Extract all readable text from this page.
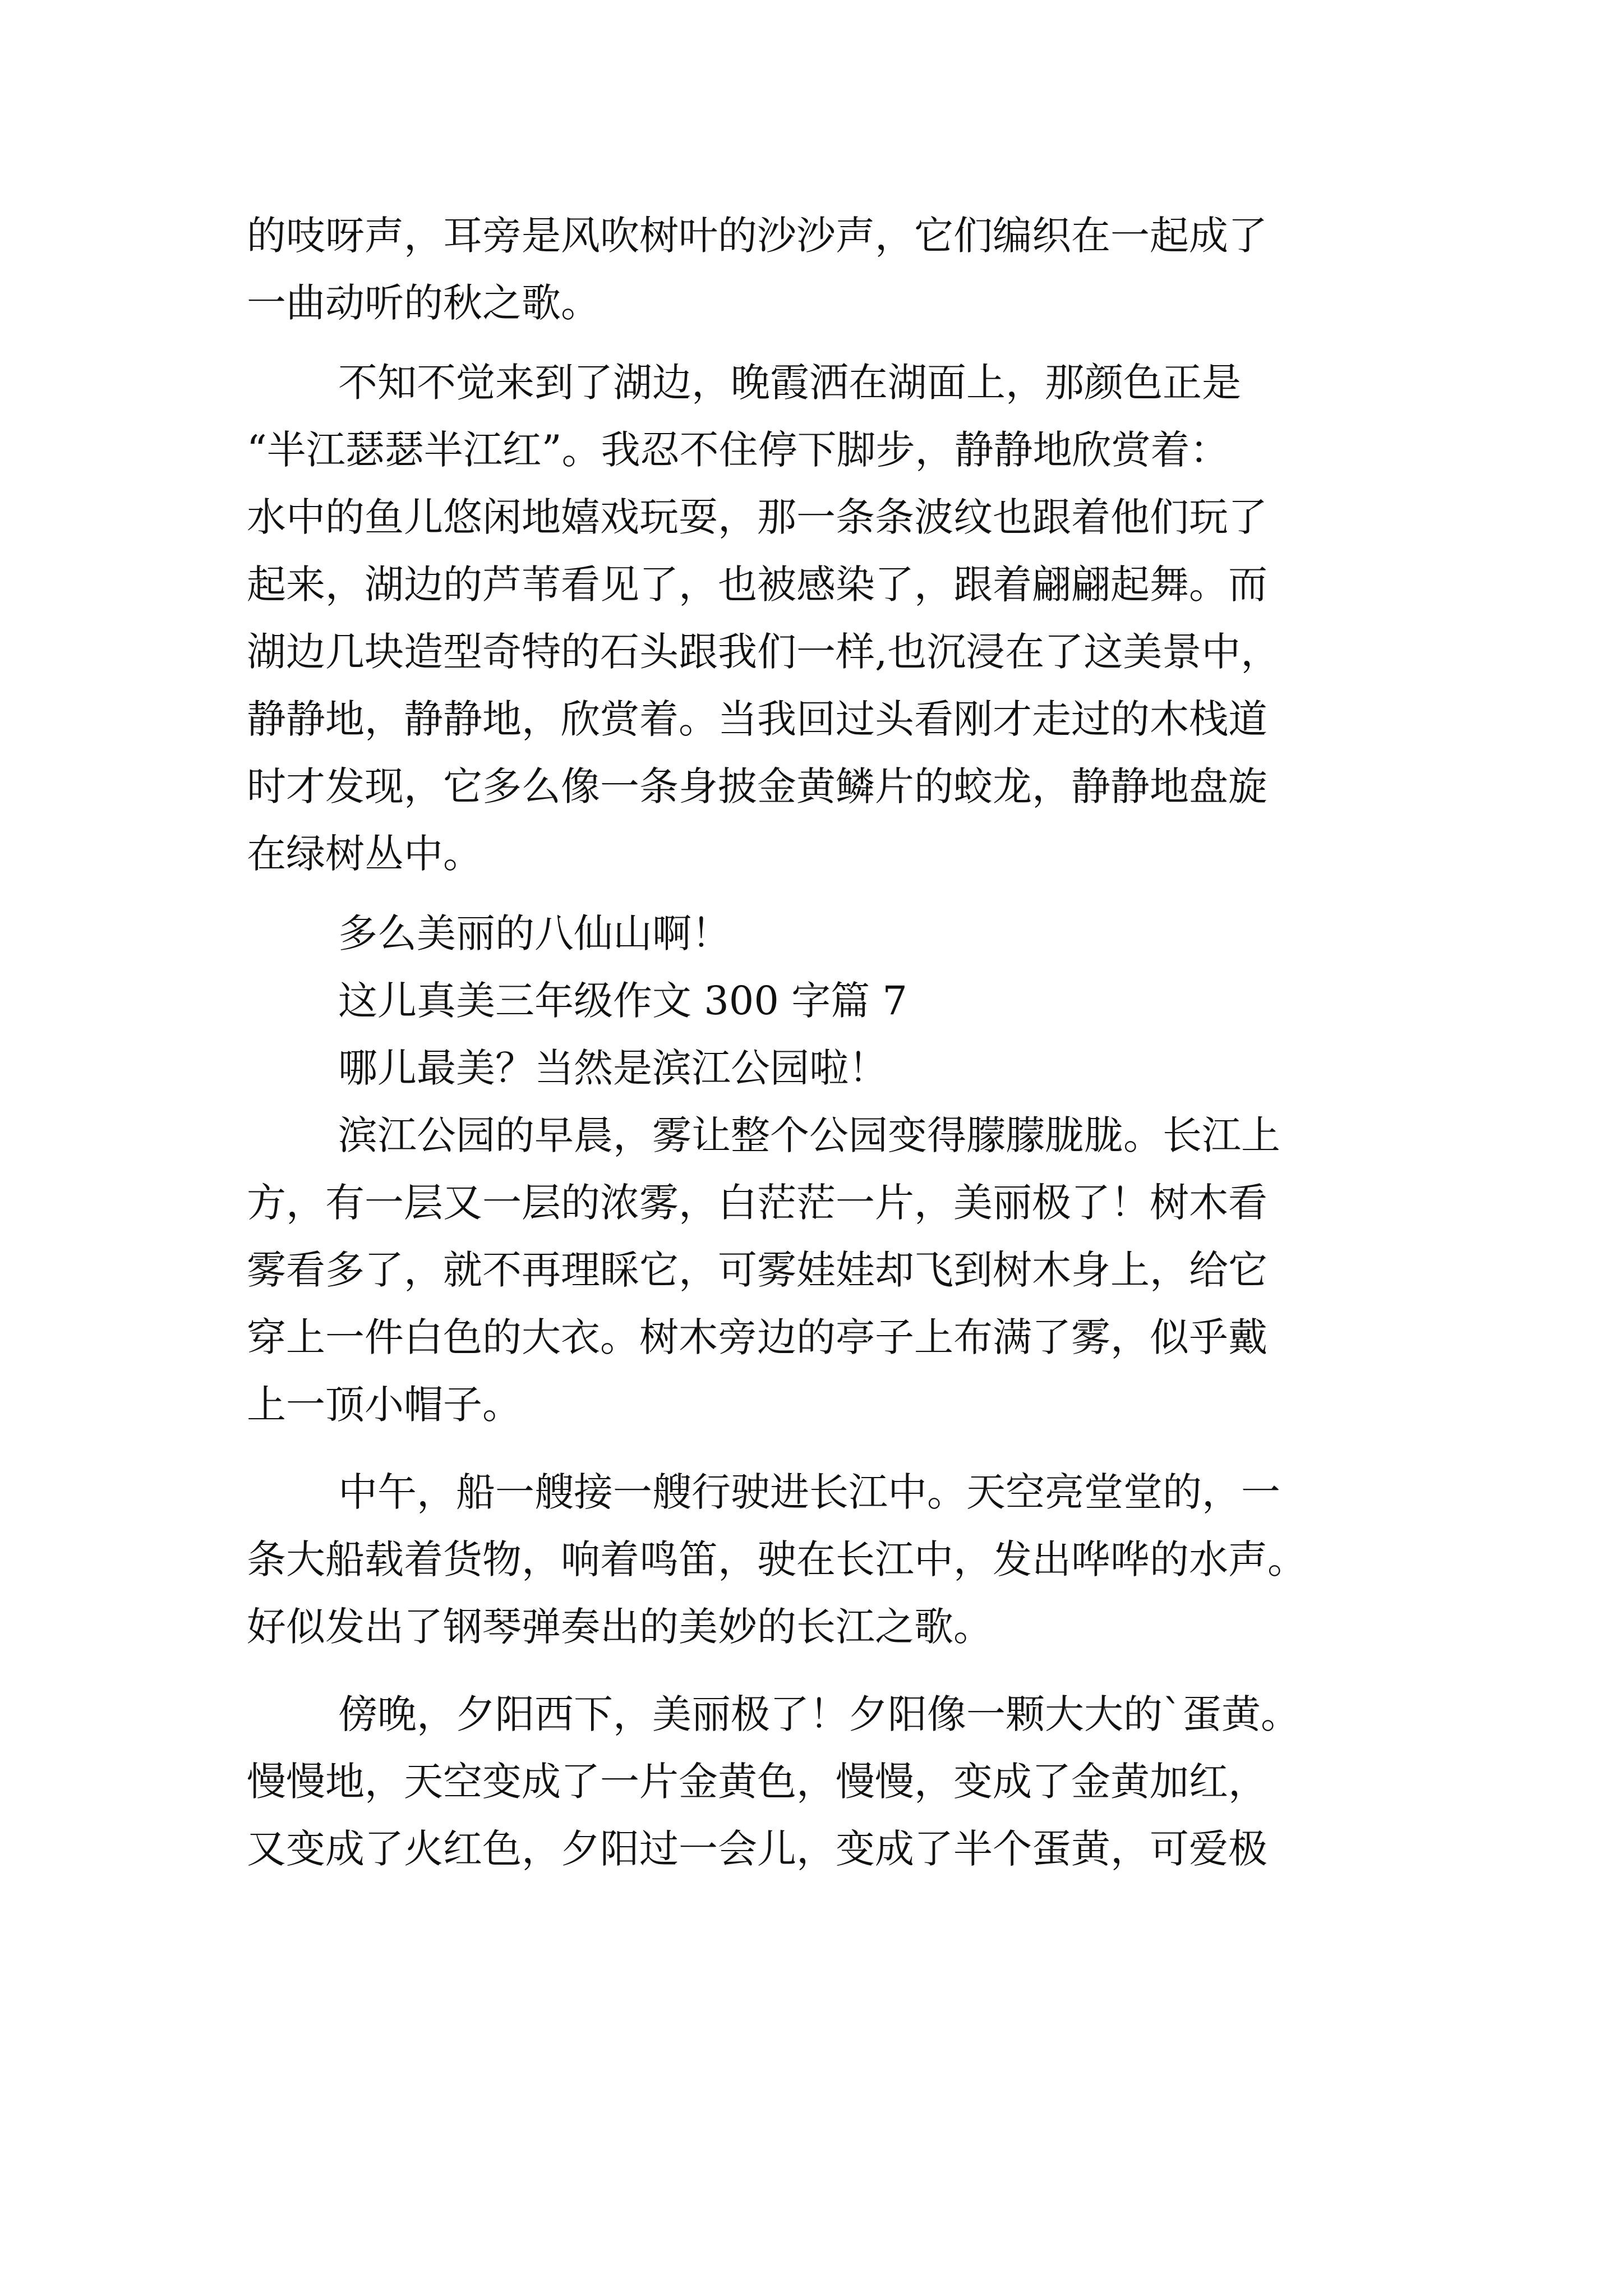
的吱呀声，耳旁是风吹树叶的沙沙声，它们编织在一起成了
一曲动听的秋之歌。
不知不觉来到了湖边，晚霞洒在湖面上，那颜色正是
“半江瑟瑟半江红”。我忍不住停下脚步，静静地欣赏着：
水中的鱼儿悠闲地嬉戏玩耍，那一条条波纹也跟着他们玩了
起来，湖边的芦苇看见了，也被感染了，跟着翩翩起舞。而
湖边几块造型奇特的石头跟我们一样,也沉浸在了这美景中，
静静地，静静地，欣赏着。当我回过头看刚才走过的木栈道
时才发现，它多么像一条身披金黄鳞片的蛟龙，静静地盘旋
在绿树丛中。
多么美丽的八仙山啊！
这儿真美三年级作文 300 字篇 7
哪儿最美？当然是滨江公园啦！
滨江公园的早晨，雾让整个公园变得朦朦胧胧。长江上
方，有一层又一层的浓雾，白茫茫一片，美丽极了！树木看
雾看多了，就不再理睬它，可雾娃娃却飞到树木身上，给它
穿上一件白色的大衣。树木旁边的亭子上布满了雾，似乎戴
上一顶小帽子。
中午，船一艘接一艘行驶进长江中。天空亮堂堂的，一
条大船载着货物，响着鸣笛，驶在长江中，发出哗哗的水声。
好似发出了钢琴弹奏出的美妙的长江之歌。
傍晚，夕阳西下，美丽极了！夕阳像一颗大大的`蛋黄。
慢慢地，天空变成了一片金黄色，慢慢，变成了金黄加红，
又变成了火红色，夕阳过一会儿，变成了半个蛋黄，可爱极
